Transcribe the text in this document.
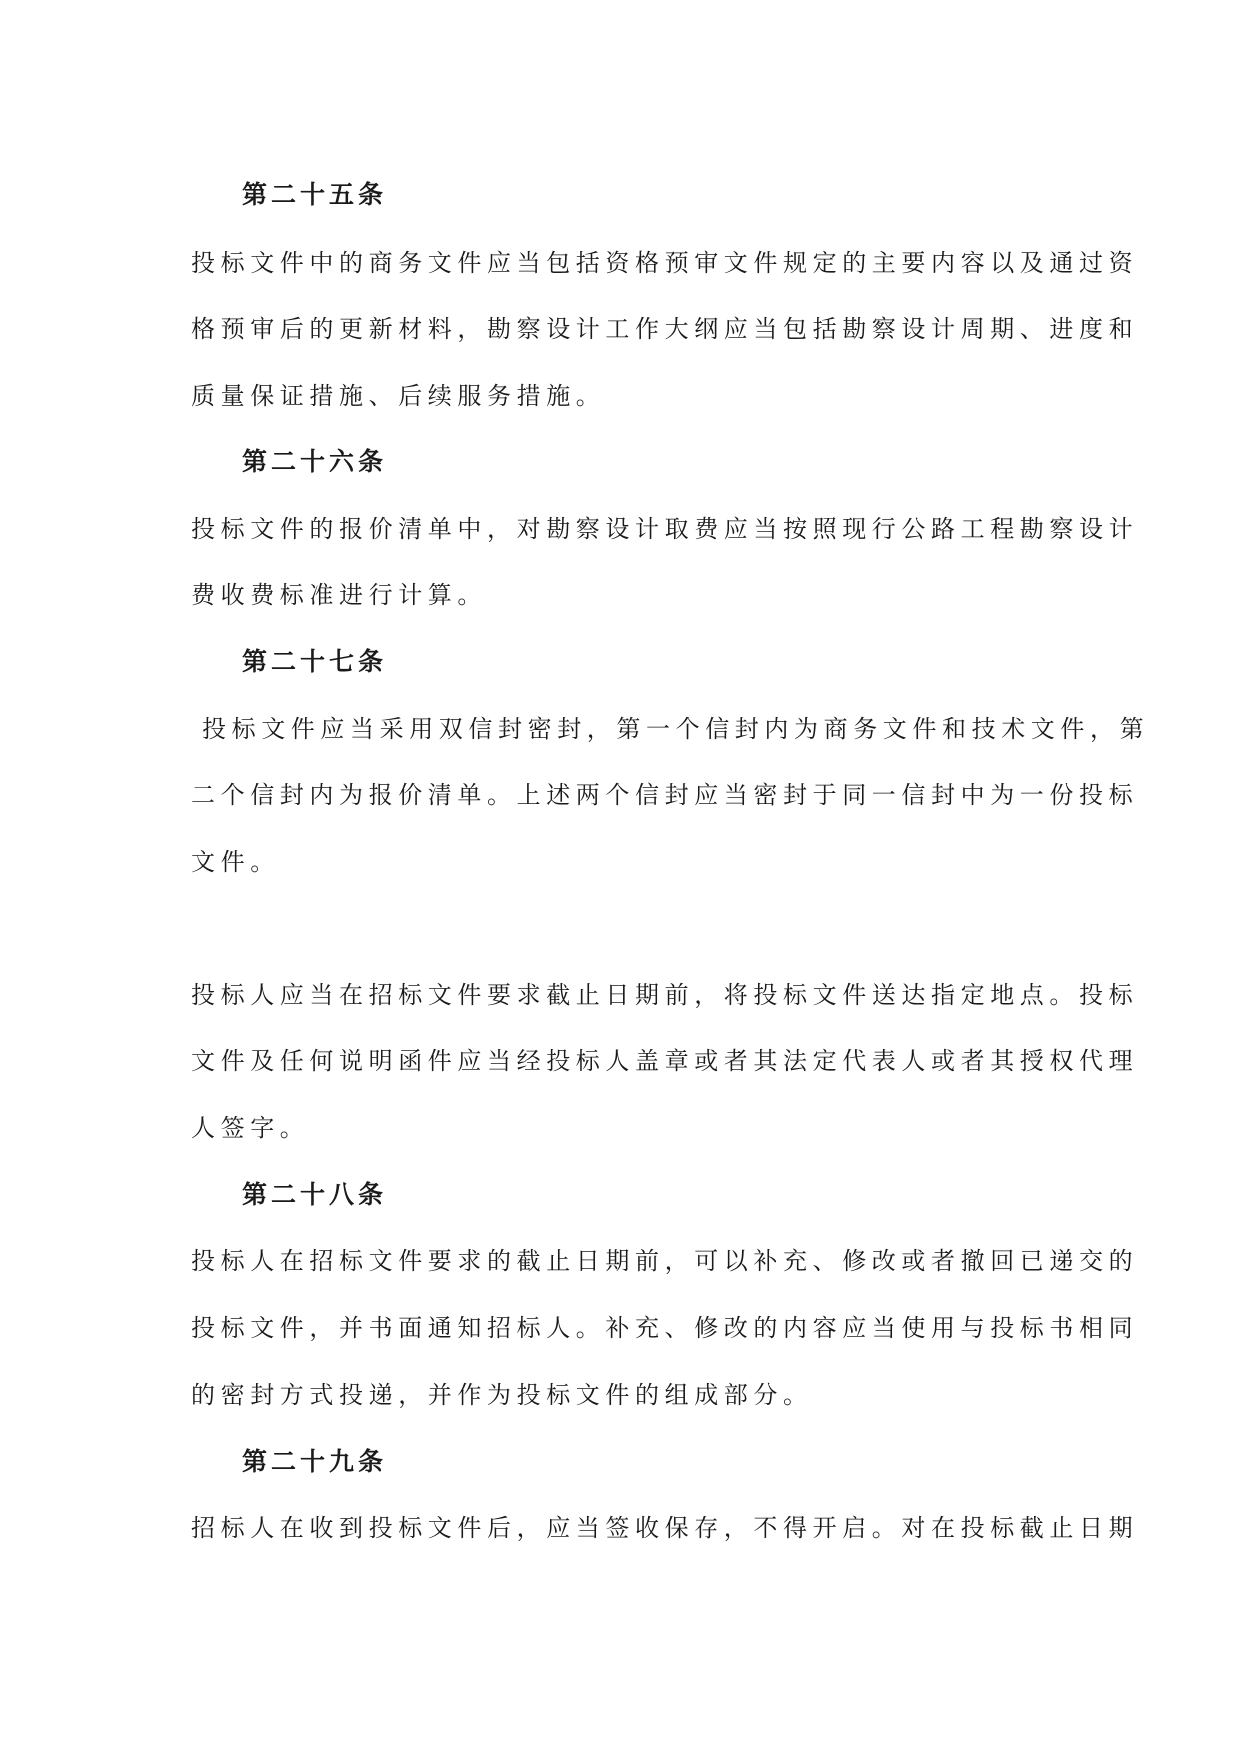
第二十五条
投标文件中的商务文件应当包括资格预审文件规定的主要内容以及通过资
格预审后的更新材料，勘察设计工作大纲应当包括勘察设计周期、进度和
质量保证措施、后续服务措施。
第二十六条
投标文件的报价清单中，对勘察设计取费应当按照现行公路工程勘察设计
费收费标准进行计算。
第二十七条
投标文件应当采用双信封密封，第一个信封内为商务文件和技术文件，第
二个信封内为报价清单。上述两个信封应当密封于同一信封中为一份投标
文件。
投标人应当在招标文件要求截止日期前，将投标文件送达指定地点。投标
文件及任何说明函件应当经投标人盖章或者其法定代表人或者其授权代理
人签字。
第二十八条
投标人在招标文件要求的截止日期前，可以补充、修改或者撤回已递交的
投标文件，并书面通知招标人。补充、修改的内容应当使用与投标书相同
的密封方式投递，并作为投标文件的组成部分。
第二十九条
招标人在收到投标文件后，应当签收保存，不得开启。对在投标截止日期
